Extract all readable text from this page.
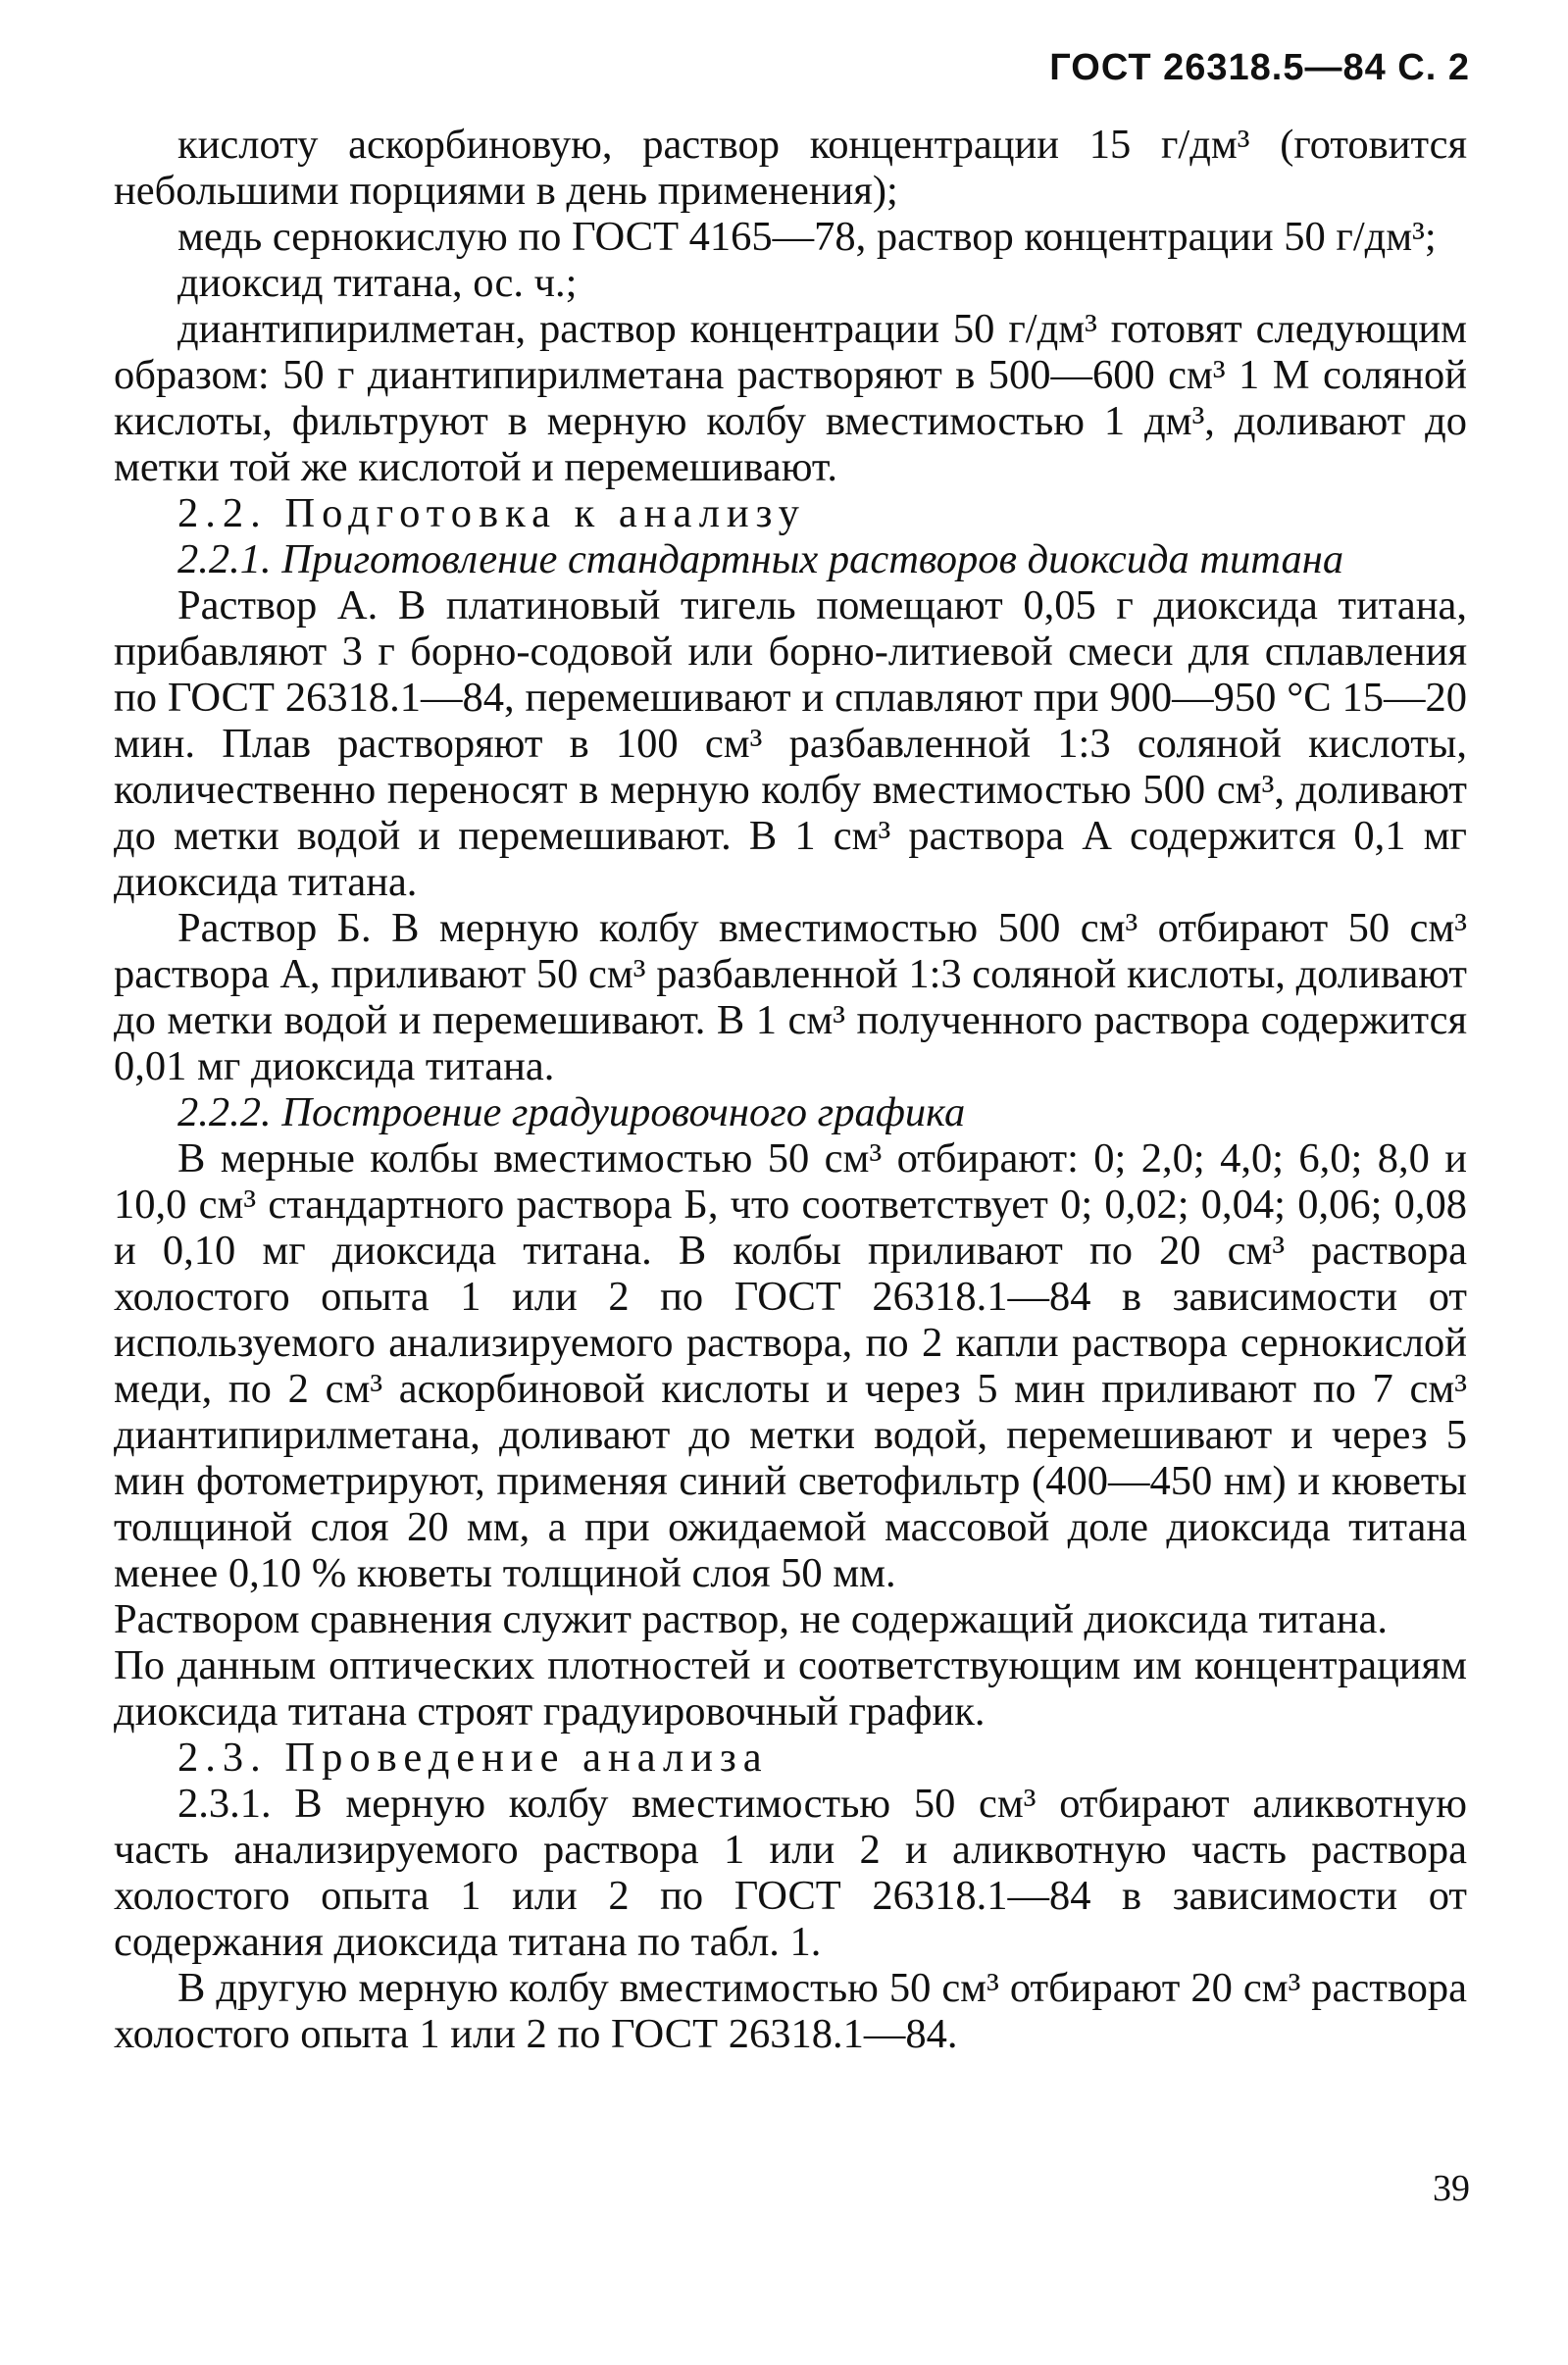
ГОСТ 26318.5—84 С. 2

кислоту аскорбиновую, раствор концентрации 15 г/дм³ (готовится небольшими порциями в день применения);

медь сернокислую по ГОСТ 4165—78, раствор концентрации 50 г/дм³;

диоксид титана, ос. ч.;

диантипирилметан, раствор концентрации 50 г/дм³ готовят следующим образом: 50 г диантипирилметана растворяют в 500—600 см³ 1 М соляной кислоты, фильтруют в мерную колбу вместимостью 1 дм³, доливают до метки той же кислотой и перемешивают.

2.2. Подготовка к анализу

2.2.1. Приготовление стандартных растворов диоксида титана

Раствор А. В платиновый тигель помещают 0,05 г диоксида титана, прибавляют 3 г борно-содовой или борно-литиевой смеси для сплавления по ГОСТ 26318.1—84, перемешивают и сплавляют при 900—950 °С 15—20 мин. Плав растворяют в 100 см³ разбавленной 1:3 соляной кислоты, количественно переносят в мерную колбу вместимостью 500 см³, доливают до метки водой и перемешивают. В 1 см³ раствора А содержится 0,1 мг диоксида титана.

Раствор Б. В мерную колбу вместимостью 500 см³ отбирают 50 см³ раствора А, приливают 50 см³ разбавленной 1:3 соляной кислоты, доливают до метки водой и перемешивают. В 1 см³ полученного раствора содержится 0,01 мг диоксида титана.

2.2.2. Построение градуировочного графика

В мерные колбы вместимостью 50 см³ отбирают: 0; 2,0; 4,0; 6,0; 8,0 и 10,0 см³ стандартного раствора Б, что соответствует 0; 0,02; 0,04; 0,06; 0,08 и 0,10 мг диоксида титана. В колбы приливают по 20 см³ раствора холостого опыта 1 или 2 по ГОСТ 26318.1—84 в зависимости от используемого анализируемого раствора, по 2 капли раствора сернокислой меди, по 2 см³ аскорбиновой кислоты и через 5 мин приливают по 7 см³ диантипирилметана, доливают до метки водой, перемешивают и через 5 мин фотометрируют, применяя синий светофильтр (400—450 нм) и кюветы толщиной слоя 20 мм, а при ожидаемой массовой доле диоксида титана менее 0,10 % кюветы толщиной слоя 50 мм.

Раствором сравнения служит раствор, не содержащий диоксида титана.

По данным оптических плотностей и соответствующим им концентрациям диоксида титана строят градуировочный график.

2.3. Проведение анализа

2.3.1. В мерную колбу вместимостью 50 см³ отбирают аликвотную часть анализируемого раствора 1 или 2 и аликвотную часть раствора холостого опыта 1 или 2 по ГОСТ 26318.1—84 в зависимости от содержания диоксида титана по табл. 1.

В другую мерную колбу вместимостью 50 см³ отбирают 20 см³ раствора холостого опыта 1 или 2 по ГОСТ 26318.1—84.

39
